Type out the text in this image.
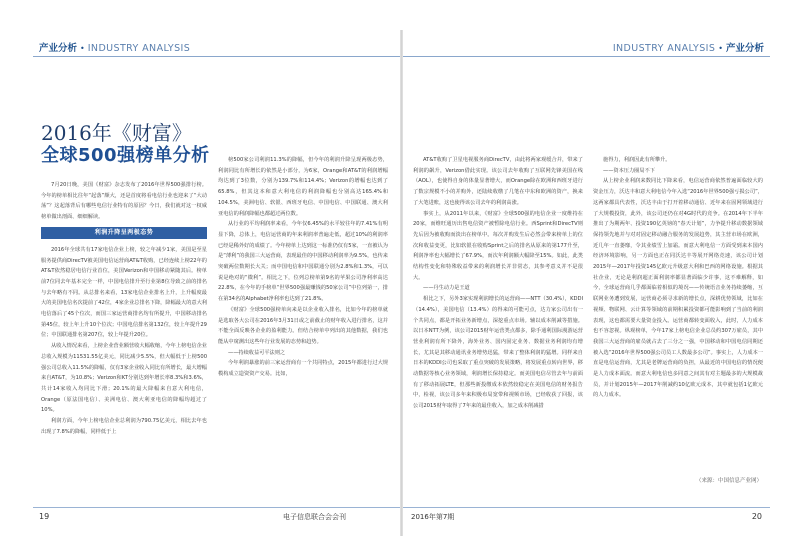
产业分析 • INDUSTRY ANALYSIS
2016年《财富》
全球500强榜单分析

7月20日晚，美国《财富》杂志发布了2016年世界500强排行榜。今年的榜单相比往年“起落”颇大，还是首度将看电信行业也迎来了“大动荡”？这起落背后有哪些电信行业特有的原因？今日，我们就对这一权威榜单做出剖面、细细解读。

利润升降呈两极态势

2016年全球共有17家电信企业上榜，较之年减少1家，美国是至星服务提供商DirecTV被美国电信运营商AT&T收购，已经连续上榜22年的AT&T依然稳居电信行业首位，美国Verizon和中国移动紧随其后。榜单前7位同去年基本完全一样，中国电信排升至行业第8位导致之前的排名与去年略有不同。从总排名来看，13家电信企业排名上升，上升幅度最大的美国电信名次提前了42位，4家企业总排名下降，降幅最大的意大利电信落后了45个位次，而国三家运营商排名均有所提升，中国移动排名第45位，较上年上升10个位次；中国电信排名第132位，较上年提升29位；中国联通排名第207位，较上年提升20位。
从收入情况来看，上榜企业营业额营收大幅收缩，今年上榜电信企业总收入规模为11531.55亿美元，同比减少5.5%，但大幅低于上榜500强公司总收入11.5%的降幅，仅有3家企业收入同比有所增长，最大增幅来自AT&T，为10.8%；Verizon和KT分别达到年增长率8.3%和3.6%，共计14家收入均同比下滑；20.1%的最大降幅来自意大利电信，Orange（原法国电信）、美洲电信、澳大利亚电信的降幅均超过了10%。
利润方面，今年上榜电信企业总利润为790.75亿美元，相比去年也出现了7.8%的降幅，同样低于上

榜500家公司利润11.3%的降幅，但今年的利润升降呈现两极态势，利润同比有所增长的依然是小部分，为6家，Orange和AT&T的利润增幅均达到了3位数，分别为139.7%和114.4%；Verizon的增幅也达到了65.8%，但其这本和意大利电信的利润降幅也分别高达165.4%和104.5%，美洲电信、软银、西班牙电信、中国电信、中国联通、澳大利亚电信的利润降幅也都超过两位数。
从行业的平均利润率来看，今年仅6.45%的水平较往年的7.41%有明显下降，总体上，电信运营商的年来利润率普遍走低，超过10%的利润率已经是稀外好的成绩了。今年榜单上达到这一标准仍仅有5家，一直被认为是“薄利”的我国三大运营商，表现最佳的中国移动利润率为9.5%，也传来突破两位数期长大关；而中国电信和中国联通分别为2.8%和1.3%，可以说是绝对的“微利”。相比之下，位列总榜单第9名的苹果公司净利率高达22.8%，在今年的手榜单“世界500强最赚钱的50家公司”中位列第一，排在第34名的Alphabet净利率也达到了21.8%。
《财富》全球500强榜单向来是以企业收入排名，比如今年的榜单就是选取各大公司在2016年3月31日或之前截止的财年收入进行排名，这并不能全面反映各企业的盈利能力。但结合榜单中列出的其他数据，我们也能从中窥测出这些年行业发展的态势和趋势。
——持续收益可平法则之
今年利润暴涨的前三家运营商有一个共同特点，2015年都进行过大规模构成立造资资产交易。比如，

19	电子信息联合会会刊
INDUSTRY ANALYSIS • 产业分析

AT&T收购了卫星电视服务商DirecTV，由此将两家观缓合并，带来了利润的飙升，Verizon借此实现。该公司去年收购了互联网先锋美国在线（AOL），也使得自身的体量显著增大，而Orange除在欧洲和西班牙进行了数宗规模不小的并购外，还陆续收缴了几笔在中东和欧洲的资产，换来了大笔进账，这也使得该公司去年的利润高涨。
事实上，从2011年以来，《财富》全球500强的电信企业一度维持在20家，而维旺通历出售电信资产被暂除电信行业。西Sprint和DirecTV则先后因为被收购而淡出在榜单中。每次并购发生后必然会带来榜单上的位次和收益变更，比如软银在收购Sprint之后的排名从原来的第177升至，利润净率也大幅增长了67.9%，而次年利润额大幅降至15%。如此，此类结构性变化和特殊收益带来的利润增长并非常态，其参考意义并不是很大。
——丹生动力是王道
相比之下，另外3家实现利润增长的运营商——NTT（30.4%），KDDI（14.4%），美国电信（13.4%）的得来的可能可点，达力家公司出有一个共同点，都是开拓业务新增点，深挖重点市场。辅以成本削减等措施。以日本NTT为例，该公司2015财年运营类点都多，除手通利国际漫游运营营业利润有所下降外，海外业务、国内固定业务、数据业务利润均有增长，尤其是其移动通讯业务增势迅猛，带来了整体利润的猛增。同样来自日本的KDDI公司也采取了重点突破的发展策略，将发展重点转向世界，移动数据等核心业务领域，利润增长保持稳定。而美国电信尽管去年与前面有了移动拓展LTE，但那些新投缴成本依然较稳定在美国电信的财务报告中，检视，该公司多年来积极布局宽带和视频市场，已经收获了回报，该公司2015财年取得了7年来的最佳收入，加之成本削减措

施得力，利润因此有所攀升。
——资本压力圈局不下
从上榜企业利润来数同比下降来看，电信运营商依然普遍面临较大的资金压力，沃达丰和意大利电信今年入选“2016年世界500强亏损公司”，这两家都具代表性，沃达丰由于打开着移动通信、近年来在固网领域进行了大规模投资，此外，该公司还仍在对4G时代的竞争。在2014年下半年推出了为期两年、投资190亿英镑的“春天计划”，力争提升移动数据领域保持领先地并与对对固定移动融合服务的发展趋势，其主营市场在欧洲，近几年一直萎靡，令其业绩雪上加霜。而意大利电信一方面受到来本国内经济环境影响，另一方面也正在同沃达丰等展开网络竞速，该公司计划2015年—2017年投资145亿欧元升级意大利和巴西的网络设施。根据其社企业，无论是利润超正面利润率都显著面临少许事，这不难解释，如今，全球运营商几乎都面临着相似的境况——传统语音业务持续萎缩，互联网业务遭到发展，运营商必须寻求新的增长点，深耕优势领域，比如在视频、物联网、云计算等领域的前期积累投资都可能影响到了当前的利润表现，这也都需要大量资金投入。运营商都转变面收入，此时，人力成本也不容忽视。纵观榜单，今年17家上榜电信企业总员约307万雇员，其中我国三大运营商的雇员就占去了三分之一强，中国移动和中国电信同期还被入选“2016年世界500强公司员工人数最多公司”。事实上，人力成本一直是电信运营商，尤其是老牌运营商的负担，从最近的中国电信的情况便是人力成本面流。而意大利电信也多同意之间其有对主题最多的大规模裁员，并计划2015年—2017年削减约10亿欧元成本，其中就包括1亿欧元的人力成本。

（来源：中国信息产业网）
2016年第7期	20
